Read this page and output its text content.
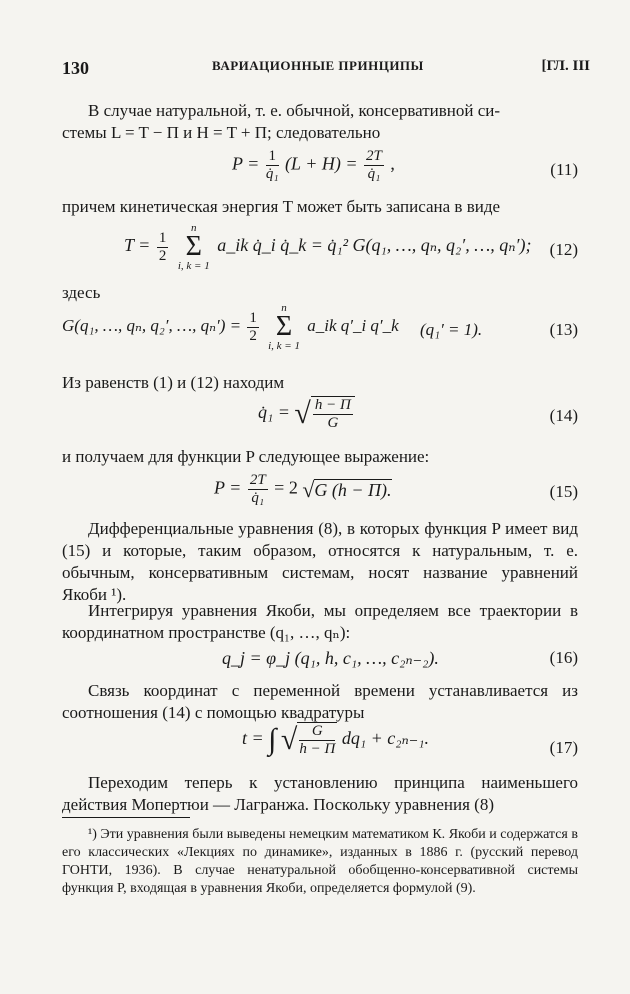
130	ВАРИАЦИОННЫЕ ПРИНЦИПЫ	[ГЛ. III
В случае натуральной, т. е. обычной, консервативной си-
стемы L = T − Π и H = T + Π; следовательно
$P = \frac{1}{\text{q̇₁}} (L + H) = \frac{2T}{\text{q̇₁}}$ ,	(11)
причем кинетическая энергия T может быть записана в виде
$T = \frac{1}{2}$

n
Σ
i, k = 1
a_ik q̇_i q̇_k = q̇₁² G(q₁, …, qₙ, q₂′, …, qₙ′); (12)
здесь
G(q₁, …, qₙ, q₂′, …, $q_n') = \frac{1}{2}$

n
Σ
i, k = 1
a_ik q′_i q′_k (q₁′ = 1).	(13)
Из равенств (1) и (12) находим
q̇₁ = √ $\frac{h - \Pi}{G}$	(14)
и получаем для функции P следующее выражение:
$P = \frac{2T}{\text{q̇₁}} = 2$ √G (h − Π).	(15)
Дифференциальные уравнения (8), в которых функция P имеет вид (15) и которые, таким образом, относятся к натуральным, т. е. обычным, консервативным системам, носят название уравнений Якоби ¹).
Интегрируя уравнения Якоби, мы определяем все траектории в координатном пространстве (q₁, …, qₙ):
q_j = φ_j (q₁, h, c₁, …, c₂ₙ₋₂).	(16)
Связь координат с переменной времени устанавливается из соотношения (14) с помощью квадратуры
t = ∫ √ $\frac{G}{h - \Pi} dq_1 + c_{2n-1}$.	(17)
Переходим теперь к установлению принципа наименьшего действия Мопертюи — Лагранжа. Поскольку уравнения (8)
¹) Эти уравнения были выведены немецким математиком К. Якоби и содержатся в его классических «Лекциях по динамике», изданных в 1886 г. (русский перевод ГОНТИ, 1936). В случае ненатуральной обобщенно-консервативной системы функция P, входящая в уравнения Якоби, определяется формулой (9).
